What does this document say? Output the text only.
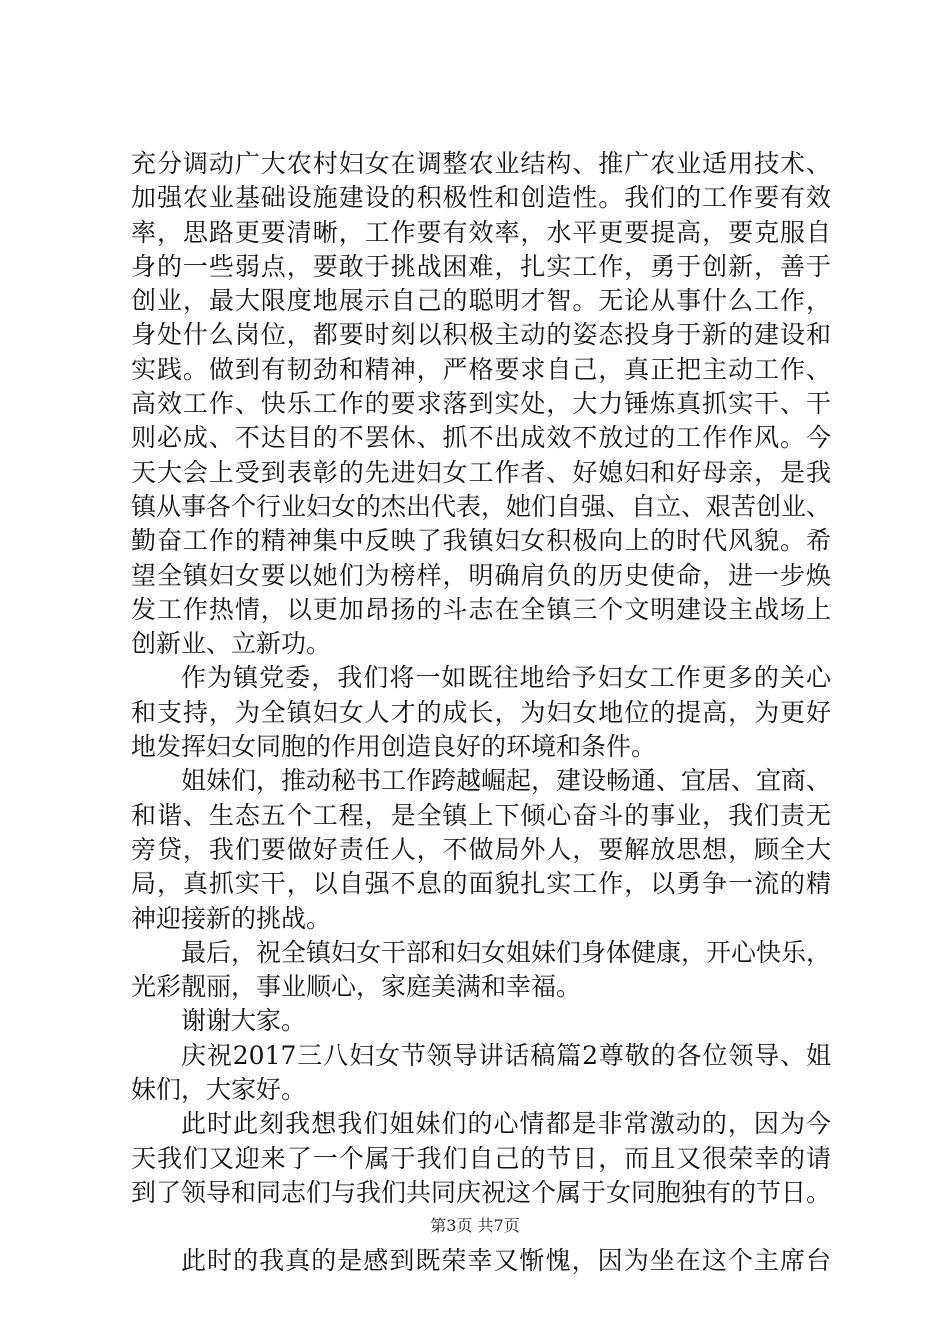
充分调动广大农村妇女在调整农业结构、推广农业适用技术、
加强农业基础设施建设的积极性和创造性。我们的工作要有效
率，思路更要清晰，工作要有效率，水平更要提高，要克服自
身的一些弱点，要敢于挑战困难，扎实工作，勇于创新，善于
创业，最大限度地展示自己的聪明才智。无论从事什么工作，
身处什么岗位，都要时刻以积极主动的姿态投身于新的建设和
实践。做到有韧劲和精神，严格要求自己，真正把主动工作、
高效工作、快乐工作的要求落到实处，大力锤炼真抓实干、干
则必成、不达目的不罢休、抓不出成效不放过的工作作风。今
天大会上受到表彰的先进妇女工作者、好媳妇和好母亲，是我
镇从事各个行业妇女的杰出代表，她们自强、自立、艰苦创业、
勤奋工作的精神集中反映了我镇妇女积极向上的时代风貌。希
望全镇妇女要以她们为榜样，明确肩负的历史使命，进一步焕
发工作热情，以更加昂扬的斗志在全镇三个文明建设主战场上
创新业、立新功。
作为镇党委，我们将一如既往地给予妇女工作更多的关心
和支持，为全镇妇女人才的成长，为妇女地位的提高，为更好
地发挥妇女同胞的作用创造良好的环境和条件。
姐妹们，推动秘书工作跨越崛起，建设畅通、宜居、宜商、
和谐、生态五个工程，是全镇上下倾心奋斗的事业，我们责无
旁贷，我们要做好责任人，不做局外人，要解放思想，顾全大
局，真抓实干，以自强不息的面貌扎实工作，以勇争一流的精
神迎接新的挑战。
最后，祝全镇妇女干部和妇女姐妹们身体健康，开心快乐，
光彩靓丽，事业顺心，家庭美满和幸福。
谢谢大家。
庆祝2017三八妇女节领导讲话稿篇2尊敬的各位领导、姐
妹们，大家好。
此时此刻我想我们姐妹们的心情都是非常激动的，因为今
天我们又迎来了一个属于我们自己的节日，而且又很荣幸的请
到了领导和同志们与我们共同庆祝这个属于女同胞独有的节日。
此时的我真的是感到既荣幸又惭愧，因为坐在这个主席台
第3页 共7页
